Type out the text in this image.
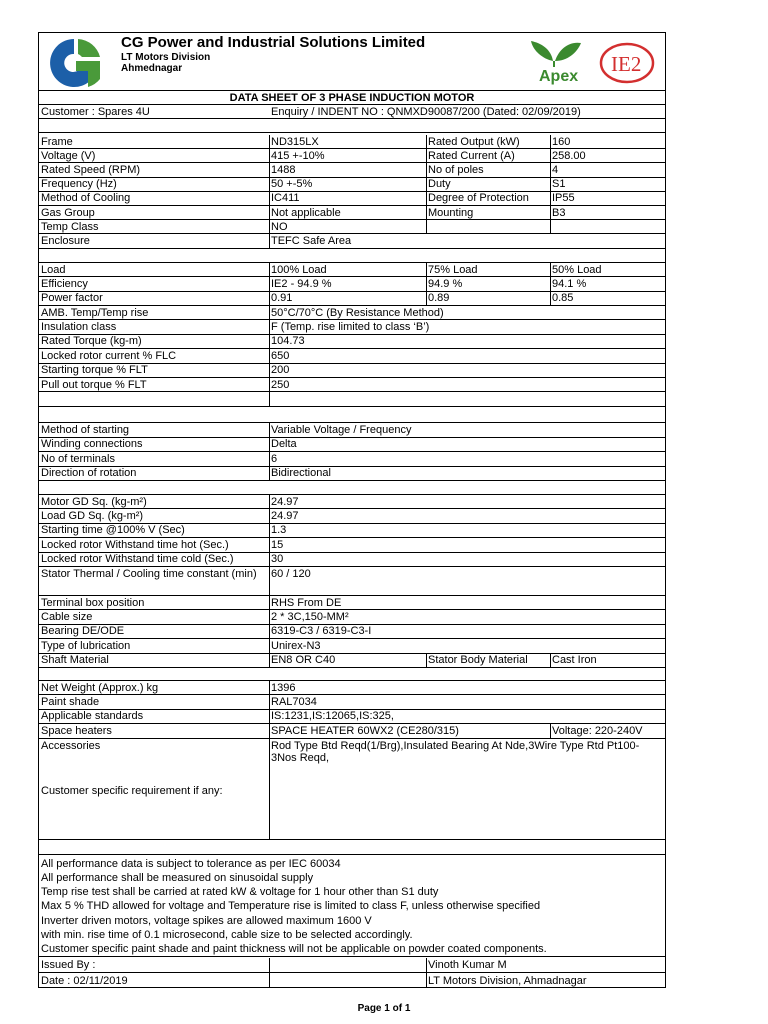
CG Power and Industrial Solutions Limited
LT Motors Division
Ahmednagar	Apex
IE2
DATA SHEET OF 3 PHASE INDUCTION MOTOR
Customer : Spares 4U	Enquiry / INDENT NO : QNMXD90087/200 (Dated: 02/09/2019)
Frame	ND315LX	Rated Output (kW)	160
Voltage (V)	415 +-10%	Rated Current (A)	258.00
Rated Speed (RPM)	1488	No of poles	4
Frequency (Hz)	50 +-5%	Duty	S1
Method of Cooling	IC411	Degree of Protection	IP55
Gas Group	Not applicable	Mounting	B3
Temp Class	NO
Enclosure	TEFC Safe Area
Load	100% Load	75% Load	50% Load
Efficiency	IE2 - 94.9 %	94.9 %	94.1 %
Power factor	0.91	0.89	0.85
AMB. Temp/Temp rise	50°C/70°C (By Resistance Method)
Insulation class	F (Temp. rise limited to class ‘B’)
Rated Torque (kg-m)	104.73
Locked rotor current % FLC	650
Starting torque % FLT	200
Pull out torque % FLT	250
Method of starting	Variable Voltage / Frequency
Winding connections	Delta
No of terminals	6
Direction of rotation	Bidirectional
Motor GD Sq. (kg-m²)	24.97
Load GD Sq. (kg-m²)	24.97
Starting time @100% V (Sec)	1.3
Locked rotor Withstand time hot (Sec.)	15
Locked rotor Withstand time cold (Sec.)	30
Stator Thermal / Cooling time constant (min)	60 / 120
Terminal box position	RHS From DE
Cable size	2 * 3C,150-MM²
Bearing DE/ODE	6319-C3 / 6319-C3-I
Type of lubrication	Unirex-N3
Shaft Material	EN8 OR C40	Stator Body Material	Cast Iron
Net Weight (Approx.) kg	1396
Paint shade	RAL7034
Applicable standards	IS:1231,IS:12065,IS:325,
Space heaters	SPACE HEATER 60WX2 (CE280/315)	Voltage: 220-240V
Accessories	Rod Type Btd Reqd(1/Brg),Insulated Bearing At Nde,3Wire Type Rtd Pt100-3Nos Reqd,
Customer specific requirement if any:
All performance data is subject to tolerance as per IEC 60034
All performance shall be measured on sinusoidal supply
Temp rise test shall be carried at rated kW & voltage for 1 hour other than S1 duty
Max 5 % THD allowed for voltage and Temperature rise is limited to class F, unless otherwise specified
Inverter driven motors, voltage spikes are allowed maximum 1600 V
with min. rise time of 0.1 microsecond, cable size to be selected accordingly.
Customer specific paint shade and paint thickness will not be applicable on powder coated components.
Issued By :	Vinoth Kumar M
Date : 02/11/2019	LT Motors Division, Ahmadnagar
Page 1 of 1
